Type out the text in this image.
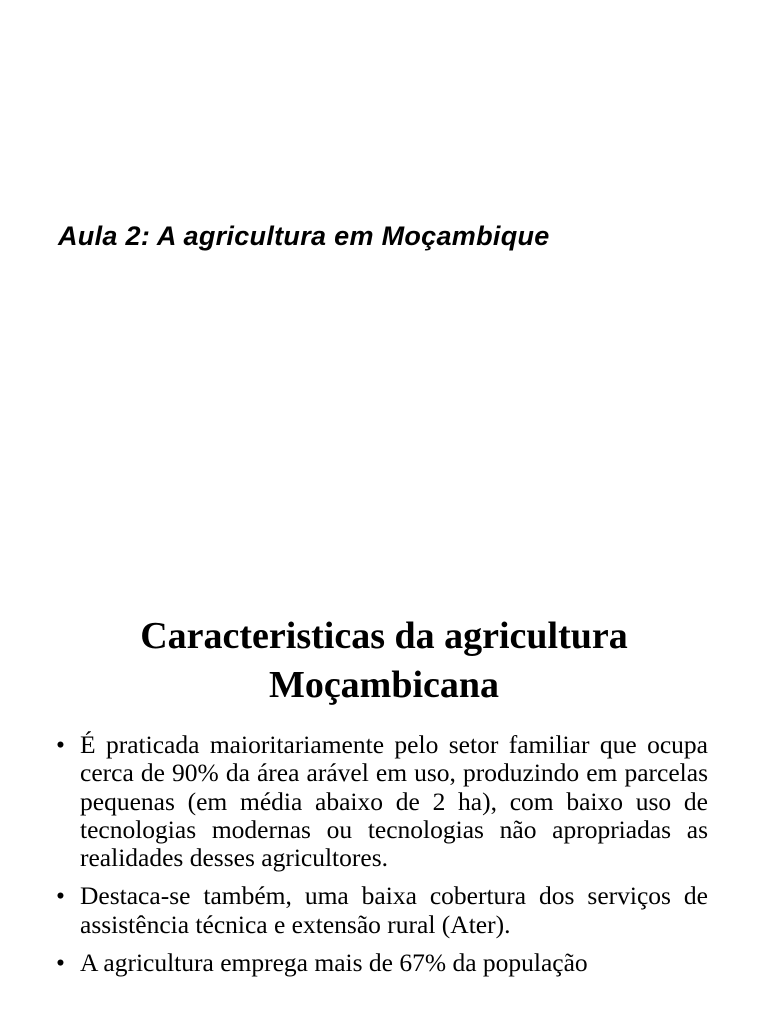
Aula 2: A agricultura em Moçambique
Caracteristicas da agricultura
Moçambicana
• É praticada maioritariamente pelo setor familiar que ocupa cerca de 90% da área arável em uso, produzindo em parcelas pequenas (em média abaixo de 2 ha), com baixo uso de tecnologias modernas ou tecnologias não apropriadas as realidades desses agricultores.
• Destaca-se também, uma baixa cobertura dos serviços de assistência técnica e extensão rural (Ater).
• A agricultura emprega mais de 67% da população
